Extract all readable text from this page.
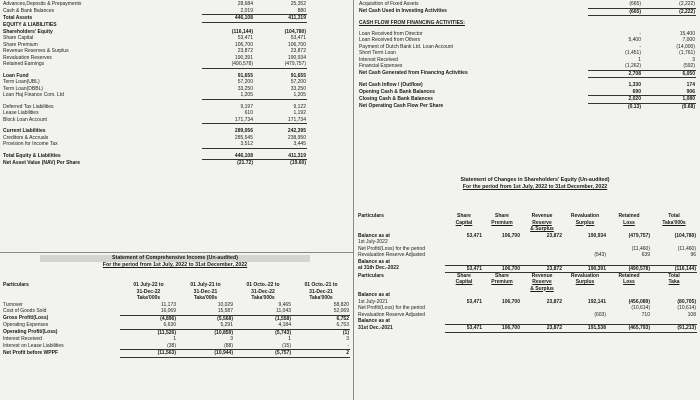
Advances,Deposits & Prepayments	28,684	25,352
Cash & Bank Balances	2,019	880
Total Assets	446,108	411,319
EQUITY & LIABILITIES		
Shareholders' Equity	(116,144)	(104,780)
Share Capital	53,471	53,471
Share Premium	106,700	106,700
Revenue Reserves & Surplus	23,872	23,872
Revaluation Reserves	190,391	190,934
Retained Earnings	(490,578)	(479,757)

Loan Fund	91,655	91,655
Term Loan(UBL)	57,200	57,200
Term Loan(DBBL)	33,250	33,250
Loan Haj Finance Com. Ltd	1,205	1,205

Deferred Tax Liabilities	9,197	9,122
Lease Liabilities	610	1,192
Block Loan Account	171,734	171,734

Current Liabilities	289,056	242,395
Creditors & Accruals	285,545	238,950
Provision for Income Tax	3,512	3,445

Total Equity & Liabilities	446,108	411,319
Net Asset Value (NAV) Per Share	(21.72)	(19.60)
Acquisition of Fixed Assets	(665)	(2,222)
Net Cash Used in Investing Activities	(665)	(2,222)

CASH FLOW FROM FINANCING ACTIVITIES:		

Loan Received from Director	-	15,400
Loan Received from Others	5,400	7,000
Payment of Dutch Bank Ltd. Loan Account	-	(14,000)
Short Term Loan	(1,451)	(1,761)
Interest Received	1	3
Financial Expenses	(1,262)	(592)
Net Cash Generated from Financing Activities	2,708	6,050

Net Cash Inflow / (Outflow)	1,330	174
Opening Cash & Bank Balances	690	906
Closing Cash & Bank Balances	2,020	1,080
Net Operating Cash Flow Per Share	(0.13)	(0.68)
Statement of Comprehensive Income (Un-audited)
For the period from 1st July, 2022 to 31st December, 2022
Particulars	01 July-22 to	01 July-21 to	01 Octo.-22 to	01 Octo.-21 to
	31-Dec-22	31-Dec-21	31-Dec-22	31-Dec-21
	Taka'000s	Taka'000s	Taka'000s	Taka'000s

Turnover	11,173	10,029	9,465	58,820
Cost of Goods Sold	16,069	15,587	11,043	52,069
Gross Profit/(Loss)	(4,896)	(5,568)	(1,558)	6,752
Operating Expenses	6,630	5,291	4,184	6,753
Operating Profit/(Loss)	(11,526)	(10,859)	(5,743)	(1)
Interest Received	1	3	1	3
Interest on Lease Liabilities	(38)	(88)	(15)	-
Net Profit before WPPF	(11,563)	(10,944)	(5,757)	2
Statement of Changes in Shareholders' Equity (Un-audited)
For the period from 1st July, 2022 to 31st December, 2022
Particulars	Share	Share	Revenue	Revaluation	Retained	Total
	Capital	Premium	Reserve	Surplus	Loss	Taka'000s
			& Surplus			

Balance as at	53,471	106,700	23,872	190,934	(479,757)	(104,780)
1st July-2022						
Net Profit/(Loss) for the period					(11,460)	(11,460)
Revaluation Reserve Adjusted				(543)	639	96
Balance as at						
at 31th Dec.-2022	53,471	106,700	23,872	190,391	(490,578)	(116,144)

Particulars	Share	Share	Revenue	Revaluation	Retained	Total
	Capital	Premium	Reserve	Surplus	Loss	Taka
			& Surplus			

Balance as at						
1st July-2021	53,471	106,700	23,872	192,141	(456,089)	(80,705)
Net Profit/(Loss) for the period					(10,614)	(10,614)
Revaluation Reserve Adjusted				(603)	710	108
Balance as at						
31st Dec.-2021	53,471	106,700	23,872	191,538	(465,793)	(91,213)
